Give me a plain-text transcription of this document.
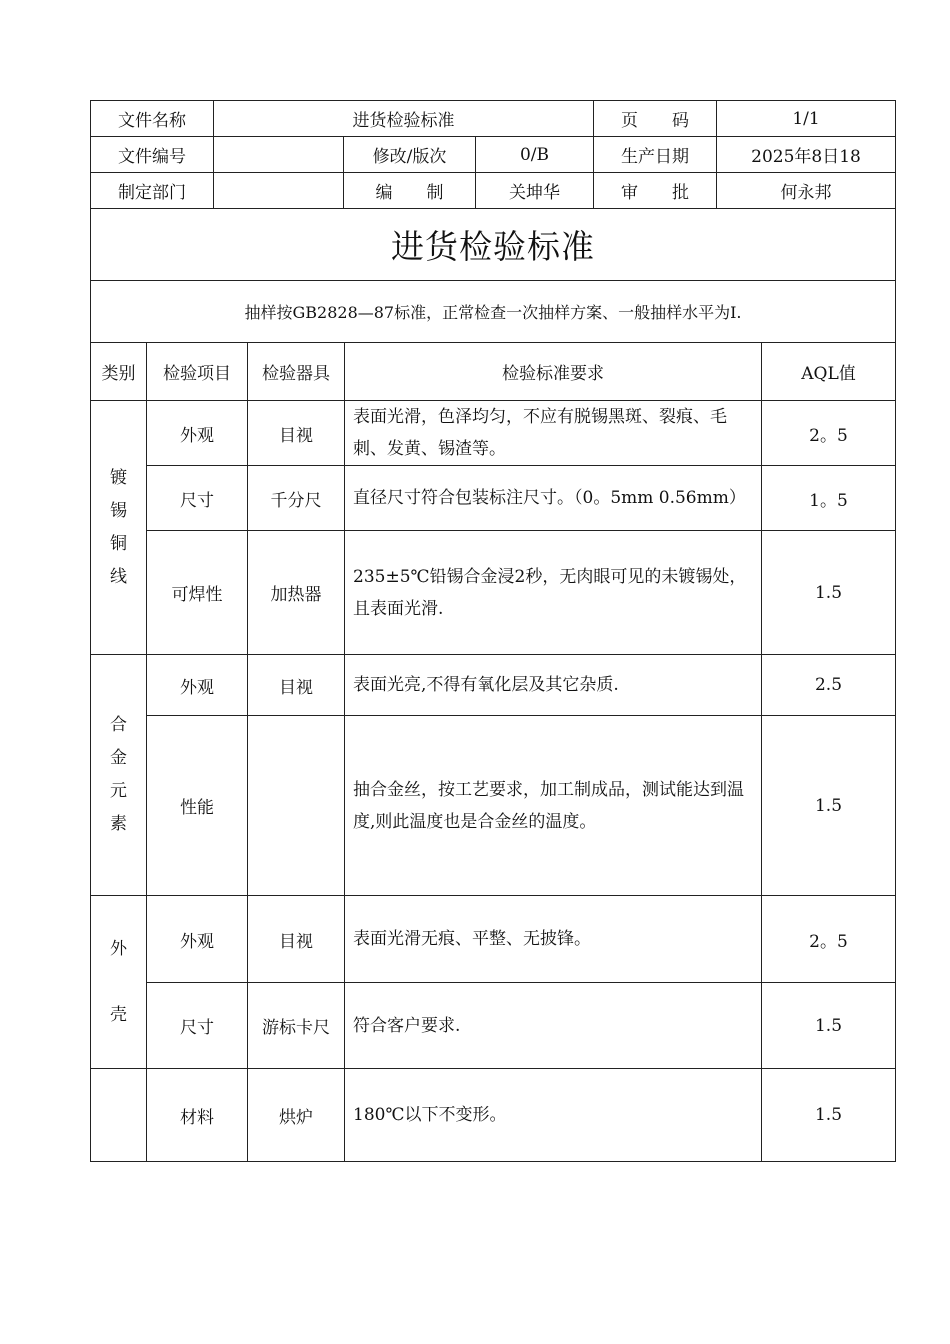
文件名称	进货检验标准			页　　码	1/1
文件编号		修改/版次	0/B	生产日期	2025年8日18
制定部门		编　　制	关坤华	审　　批	何永邦
进货检验标准				
抽样按GB2828—87标准，正常检查一次抽样方案、一般抽样水平为I.				
类别	检验项目	检验器具	检验标准要求	AQL值

镀
锡
铜
线	外观	目视	表面光滑，色泽均匀，不应有脱锡黑斑、裂痕、毛刺、发黄、锡渣等。	2。5
	尺寸	千分尺	直径尺寸符合包装标注尺寸。（0。5mm 0.56mm）	1。5
	可焊性	加热器	235±5℃铅锡合金浸2秒，无肉眼可见的未镀锡处，且表面光滑.	1.5

合
金
元
素	外观	目视	表面光亮,不得有氧化层及其它杂质.	2.5
	性能		抽合金丝，按工艺要求，加工制成品，测试能达到温度,则此温度也是合金丝的温度。	1.5

外
壳	外观	目视	表面光滑无痕、平整、无披锋。	2。5
	尺寸	游标卡尺	符合客户要求.	1.5
	材料	烘炉	180℃以下不变形。	1.5
